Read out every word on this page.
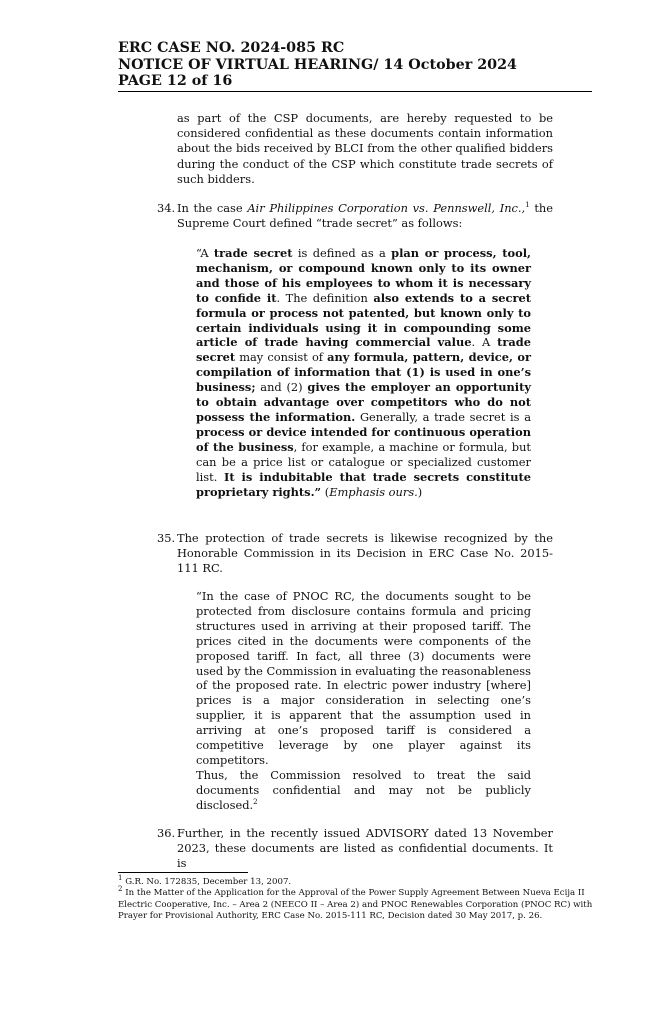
ERC CASE NO. 2024-085 RC
NOTICE OF VIRTUAL HEARING/ 14 October 2024
PAGE 12 of 16
as part of the CSP documents, are hereby requested to be considered confidential as these documents contain information about the bids received by BLCI from the other qualified bidders during the conduct of the CSP which constitute trade secrets of such bidders.
34. In the case Air Philippines Corporation vs. Pennswell, Inc.,$^1$ the Supreme Court defined “trade secret” as follows:
“A trade secret is defined as a plan or process, tool, mechanism, or compound known only to its owner and those of his employees to whom it is necessary to confide it. The definition also extends to a secret formula or process not patented, but known only to certain individuals using it in compounding some article of trade having commercial value. A trade secret may consist of any formula, pattern, device, or compilation of information that (1) is used in one’s business; and (2) gives the employer an opportunity to obtain advantage over competitors who do not possess the information. Generally, a trade secret is a process or device intended for continuous operation of the business, for example, a machine or formula, but can be a price list or catalogue or specialized customer list. It is indubitable that trade secrets constitute proprietary rights.” (Emphasis ours.)
35. The protection of trade secrets is likewise recognized by the Honorable Commission in its Decision in ERC Case No. 2015-111 RC.
“In the case of PNOC RC, the documents sought to be protected from disclosure contains formula and pricing structures used in arriving at their proposed tariff. The prices cited in the documents were components of the proposed tariff. In fact, all three (3) documents were used by the Commission in evaluating the reasonableness of the proposed rate. In electric power industry [where] prices is a major consideration in selecting one’s supplier, it is apparent that the assumption used in arriving at one’s proposed tariff is considered a competitive leverage by one player against its competitors.
Thus, the Commission resolved to treat the said documents confidential and may not be publicly disclosed.$^2$
36. Further, in the recently issued ADVISORY dated 13 November 2023, these documents are listed as confidential documents. It is
$^1$ G.R. No. 172835, December 13, 2007.
$^2$ In the Matter of the Application for the Approval of the Power Supply Agreement Between Nueva Ecija II Electric Cooperative, Inc. – Area 2 (NEECO II – Area 2) and PNOC Renewables Corporation (PNOC RC) with Prayer for Provisional Authority, ERC Case No. 2015-111 RC, Decision dated 30 May 2017, p. 26.
